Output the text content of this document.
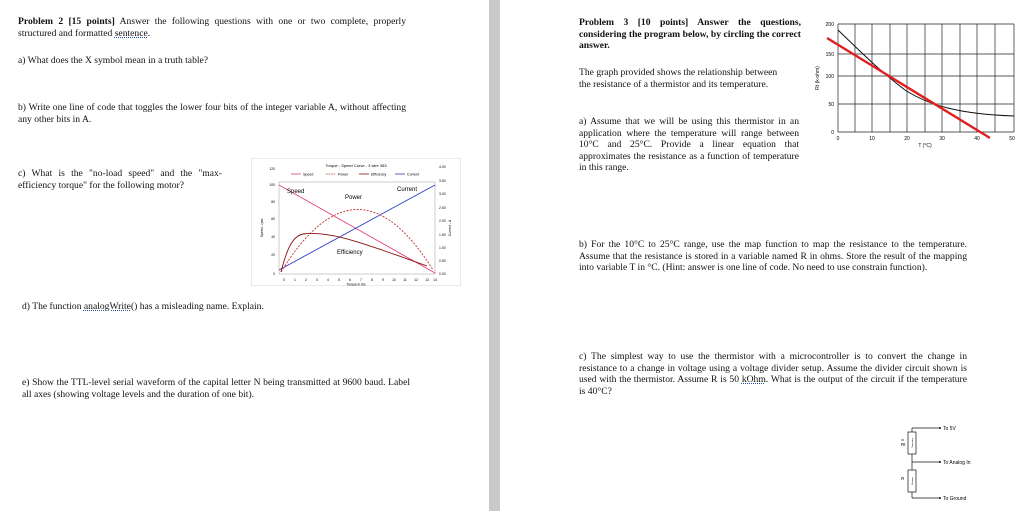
Problem 2 [15 points] Answer the following questions with one or two complete, properly structured and formatted sentence.
a) What does the X symbol mean in a truth table?
b) Write one line of code that toggles the lower four bits of the integer variable A, without affecting any other bits in A.
c) What is the "no-load speed" and the "max-efficiency torque" for the following motor?
Torque - Speed Curve - 3 wire 383
Speed	Power	Efficiency	Current
120
100
80
60
40
20
0
4.00
3.50
3.00
2.50
2.00
1.50
1.00
0.50
0.00
0	1	2	3	4	5	6	7	8	9 10 11 12 13 14
Torque in lbs
Speed - rpm	Current - A
Speed
Power
Current
Efficiency
d) The function analogWrite() has a misleading name. Explain.
e) Show the TTL-level serial waveform of the capital letter N being transmitted at 9600 baud. Label all axes (showing voltage levels and the duration of one bit).
Problem 3 [10 points] Answer the questions, considering the program below, by circling the correct answer.
The graph provided shows the relationship between the resistance of a thermistor and its temperature.
200
150
100
50
0
0	10	20	30	40	50
Rt (k-ohm)
T (°C)
a) Assume that we will be using this thermistor in an application where the temperature will range between 10°C and 25°C. Provide a linear equation that approximates the resistance as a function of temperature in this range.
b) For the 10°C to 25°C range, use the map function to map the resistance to the temperature. Assume that the resistance is stored in a variable named R in ohms. Store the result of the mapping into variable T in °C. (Hint: answer is one line of code. No need to use constrain function).
c) The simplest way to use the thermistor with a microcontroller is to convert the change in resistance to a change in voltage using a voltage divider setup. Assume the divider circuit shown is used with the thermistor. Assume R is 50 kOhm. What is the output of the circuit if the temperature is 40°C?
To 5V
To Analog In
To Ground
Rt
R
Thermistor
Resistor
